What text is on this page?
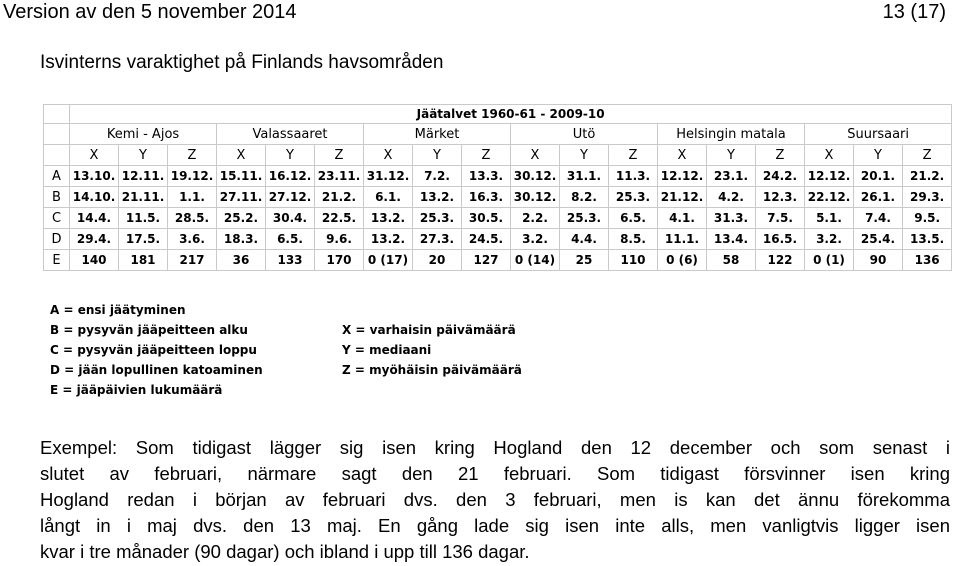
Version av den 5 november 2014	13 (17)
Isvinterns varaktighet på Finlands havsområden
	Jäätalvet 1960-61 - 2009-10																	
	Kemi - Ajos			Valassaaret			Märket			Utö			Helsingin matala			Suursaari		
	X	Y	Z	X	Y	Z	X	Y	Z	X	Y	Z	X	Y	Z	X	Y	Z
A	13.10.	12.11.	19.12.	15.11.	16.12.	23.11.	31.12.	7.2.	13.3.	30.12.	31.1.	11.3.	12.12.	23.1.	24.2.	12.12.	20.1.	21.2.
B	14.10.	21.11.	1.1.	27.11.	27.12.	21.2.	6.1.	13.2.	16.3.	30.12.	8.2.	25.3.	21.12.	4.2.	12.3.	22.12.	26.1.	29.3.
C	14.4.	11.5.	28.5.	25.2.	30.4.	22.5.	13.2.	25.3.	30.5.	2.2.	25.3.	6.5.	4.1.	31.3.	7.5.	5.1.	7.4.	9.5.
D	29.4.	17.5.	3.6.	18.3.	6.5.	9.6.	13.2.	27.3.	24.5.	3.2.	4.4.	8.5.	11.1.	13.4.	16.5.	3.2.	25.4.	13.5.
E	140	181	217	36	133	170	0 (17)	20	127	0 (14)	25	110	0 (6)	58	122	0 (1)	90	136
A = ensi jäätyminen
B = pysyvän jääpeitteen alku
C = pysyvän jääpeitteen loppu
D = jään lopullinen katoaminen
E = jääpäivien lukumäärä
X = varhaisin päivämäärä
Y = mediaani
Z = myöhäisin päivämäärä
Exempel: Som tidigast lägger sig isen kring Hogland den 12 december och som senast i
slutet av februari, närmare sagt den 21 februari. Som tidigast försvinner isen kring
Hogland redan i början av februari dvs. den 3 februari, men is kan det ännu förekomma
långt in i maj dvs. den 13 maj. En gång lade sig isen inte alls, men vanligtvis ligger isen
kvar i tre månader (90 dagar) och ibland i upp till 136 dagar.
